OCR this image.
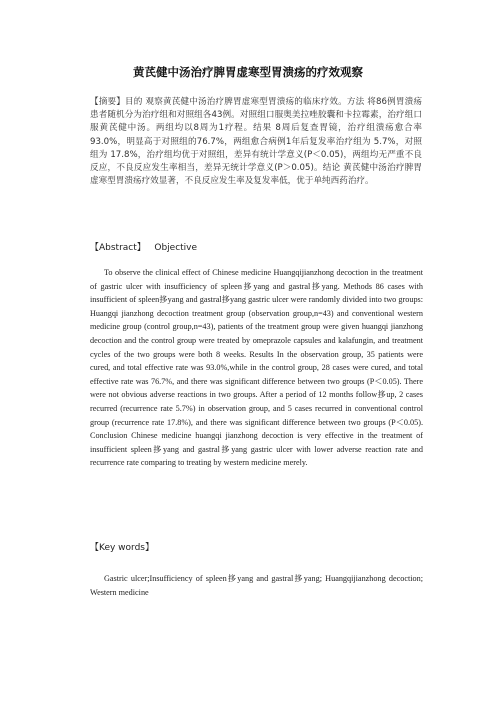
黄芪健中汤治疗脾胃虚寒型胃溃疡的疗效观察
【摘要】目的 观察黄芪健中汤治疗脾胃虚寒型胃溃疡的临床疗效。方法 将86例胃溃疡患者随机分为治疗组和对照组各43例。对照组口服奥美拉唑胶囊和卡拉霉素，治疗组口服黄芪健中汤。两组均以8周为1疗程。结果 8周后复查胃镜，治疗组溃疡愈合率93.0%，明显高于对照组的76.7%，两组愈合病例1年后复发率治疗组为 5.7%，对照组为 17.8%，治疗组均优于对照组，差异有统计学意义(P＜0.05)，两组均无严重不良反应，不良反应发生率相当，差异无统计学意义(P＞0.05)。结论 黄芪健中汤治疗脾胃虚寒型胃溃疡疗效显著，不良反应发生率及复发率低，优于单纯西药治疗。
【Abstract】 Objective

To observe the clinical effect of Chinese medicine Huangqijianzhong decoction in the treatment of gastric ulcer with insufficiency of spleen拸yang and gastral拸yang. Methods 86 cases with insufficient of spleen拸yang and gastral拸yang gastric ulcer were randomly divided into two groups: Huangqi jianzhong decoction treatment group (observation group,n=43) and conventional western medicine group (control group,n=43), patients of the treatment group were given huangqi jianzhong decoction and the control group were treated by omeprazole capsules and kalafungin, and treatment cycles of the two groups were both 8 weeks. Results In the observation group, 35 patients were cured, and total effective rate was 93.0%,while in the control group, 28 cases were cured, and total effective rate was 76.7%, and there was significant difference between two groups (P＜0.05). There were not obvious adverse reactions in two groups. After a period of 12 months follow拸up, 2 cases recurred (recurrence rate 5.7%) in observation group, and 5 cases recurred in conventional control group (recurrence rate 17.8%), and there was significant difference between two groups (P＜0.05). Conclusion Chinese medicine huangqi jianzhong decoction is very effective in the treatment of insufficient spleen拸yang and gastral拸yang gastric ulcer with lower adverse reaction rate and recurrence rate comparing to treating by western medicine merely.

【Key words】

Gastric ulcer;Insufficiency of spleen拸yang and gastral拸yang; Huangqijianzhong decoction; Western medicine
